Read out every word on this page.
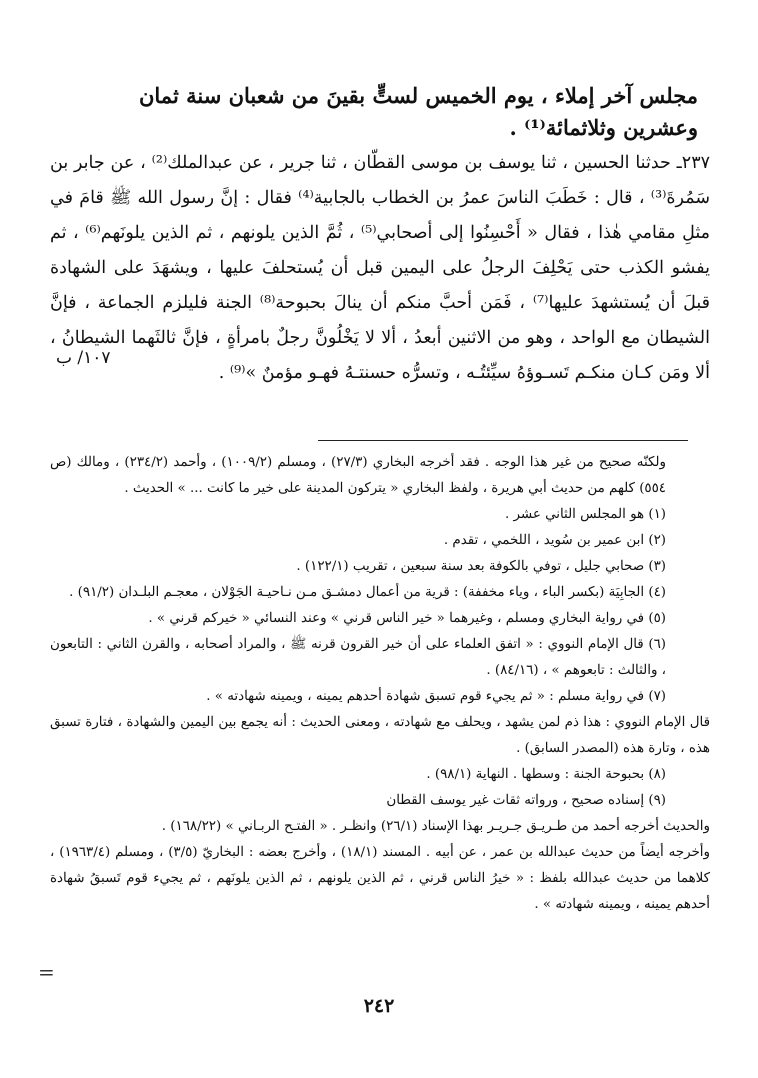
مجلس آخر إملاء ، يوم الخميس لستٍّ بقينَ من شعبان سنة ثمان وعشرين وثلاثمائة⁽¹⁾ .

٢٣٧ـ حدثنا الحسين ، ثنا يوسف بن موسى القطّان ، ثنا جرير ، عن عبدالملك⁽²⁾ ، عن جابر بن سَمُرةَ⁽³⁾ ، قال : خَطَبَ الناسَ عمرُ بن الخطاب بالجابية⁽⁴⁾ فقال : إنَّ رسول الله ﷺ قامَ في مثلِ مقامي هٰذا ، فقال « أَحْسِنُوا إلى أصحابي⁽⁵⁾ ، ثُمَّ الذين يلونهم ، ثم الذين يلونَهم⁽⁶⁾ ، ثم يفشو الكذب حتى يَحْلِفَ الرجلُ على اليمين قبل أن يُستحلفَ عليها ، ويشهَدَ على الشهادة قبلَ أن يُستشهدَ عليها⁽⁷⁾ ، فَمَن أحبَّ منكم أن ينالَ بحبوحة⁽⁸⁾ الجنة فليلزم الجماعة ، فإنَّ الشيطان مع الواحد ، وهو من الاثنين أبعدُ ، ألا لا يَخْلُونَّ رجلٌ بامرأةٍ ، فإنَّ ثالثَهما الشيطانُ ، ألا ومَن كـان منكـم تَسـوؤهُ سيِّئتُـه ، وتسرُّه حسنتـهُ فهـو مؤمنٌ »⁽⁹⁾ .

١٠٧/ ب

ولكنّه صحيح من غير هذا الوجه . فقد أخرجه البخاري (٢٧/٣) ، ومسلم (١٠٠٩/٢) ، وأحمد (٢٣٤/٢) ، ومالك (ص ٥٥٤) كلهم من حديث أبي هريرة ، ولفظ البخاري « يتركون المدينة على خير ما كانت ... » الحديث .

(١) هو المجلس الثاني عشر .

(٢) ابن عمير بن سُويد ، اللخمي ، تقدم .

(٣) صحابي جليل ، توفي بالكوفة بعد سنة سبعين ، تقريب (١٢٢/١) .

(٤) الجابِيَة (بكسر الباء ، وياء مخففة) : قرية من أعمال دمشـق مـن نـاحيـة الجَوْلان ، معجـم البلـدان (٩١/٢) .

(٥) في رواية البخاري ومسلم ، وغيرهما « خير الناس قرني » وعند النسائي « خيركم قرني » .

(٦) قال الإمام النووي : « اتفق العلماء على أن خير القرون قرنه ﷺ ، والمراد أصحابه ، والقرن الثاني : التابعون ، والثالث : تابعوهم » ، (٨٤/١٦) .

(٧) في رواية مسلم : « ثم يجيء قوم تسبق شهادة أحدهم يمينه ، ويمينه شهادته » .

قال الإمام النووي : هذا ذم لمن يشهد ، ويحلف مع شهادته ، ومعنى الحديث : أنه يجمع بين اليمين والشهادة ، فتارة تسبق هذه ، وتارة هذه (المصدر السابق) .

(٨) بحبوحة الجنة : وسطها . النهاية (٩٨/١) .

(٩) إسناده صحيح ، ورواته ثقات غير يوسف القطان

والحديث أخرجه أحمد من طـريـق جـريـر بهذا الإسناد (٢٦/١) وانظـر . « الفتـح الربـاني » (١٦٨/٢٢) .

وأخرجه أيضاً من حديث عبدالله بن عمر ، عن أبيه . المسند (١٨/١) ، وأخرج بعضه : البخاريّ (٣/٥) ، ومسلم (١٩٦٣/٤) ، كلاهما من حديث عبدالله بلفظ : « خيرُ الناس قرني ، ثم الذين يلونهم ، ثم الذين يلونَهم ، ثم يجيء قوم تَسبقُ شهادة أحدهم يمينه ، ويمينه شهادته » .

=
٢٤٢
